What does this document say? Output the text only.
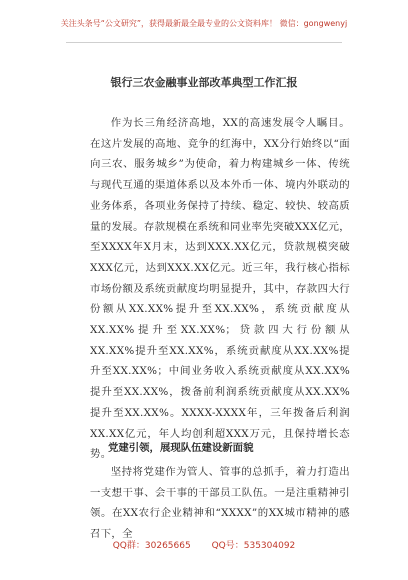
关注头条号“公文研究”，获得最新最全最专业的公文资料库！ 微信：gongwenyj
银行三农金融事业部改革典型工作汇报

作为长三角经济高地，XX的高速发展令人瞩目。在这片发展的高地、竞争的红海中，XX分行始终以“面向三农、服务城乡”为使命，着力构建城乡一体、传统与现代互通的渠道体系以及本外币一体、境内外联动的业务体系，各项业务保持了持续、稳定、较快、较高质量的发展。存款规模在系统和同业率先突破XXX亿元，至XXXX年X月末，达到XXX.XX亿元，贷款规模突破XXX亿元，达到XXX.XX亿元。近三年，我行核心指标市场份额及系统贡献度均明显提升，其中，存款四大行份额从XX.XX%提升至XX.XX%，系统贡献度从XX.XX%提升至XX.XX%；贷款四大行份额从XX.XX%提升至XX.XX%，系统贡献度从XX.XX%提升至XX.XX%；中间业务收入系统贡献度从XX.XX%提升至XX.XX%，拨备前利润系统贡献度从XX.XX%提升至XX.XX%。XXXX-XXXX年，三年拨备后利润XX.XX亿元，年人均创利超XXX万元，且保持增长态势。

党建引领，展现队伍建设新面貌

坚持将党建作为管人、管事的总抓手，着力打造出一支想干事、会干事的干部员工队伍。一是注重精神引领。在XX农行企业精神和“XXXX”的XX城市精神的感召下，全

QQ群：30265665 QQ号：535304092
